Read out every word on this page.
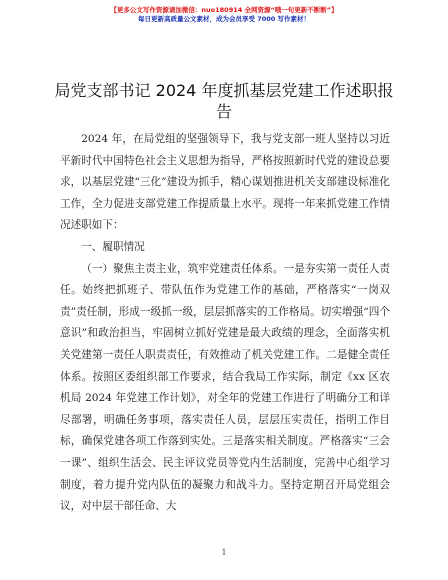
【更多公文写作资源请加微信：nuo180914 全网资源“哦一句更新不断断”】
每日更新高质量公文素材，成为会员享受 7000 写作素材！
局党支部书记 2024 年度抓基层党建工作述职报告

2024 年，在局党组的坚强领导下，我与党支部一班人坚持以习近平新时代中国特色社会主义思想为指导，严格按照新时代党的建设总要求，以基层党建“三化”建设为抓手，精心谋划推进机关支部建设标准化工作，全力促进支部党建工作提质量上水平。现将一年来抓党建工作情况述职如下：

一、履职情况

（一）聚焦主责主业，筑牢党建责任体系。一是夯实第一责任人责任。始终把抓班子、带队伍作为党建工作的基础，严格落实“一岗双责”责任制，形成一级抓一级，层层抓落实的工作格局。切实增强“四个意识”和政治担当，牢固树立抓好党建是最大政绩的理念，全面落实机关党建第一责任人职责责任，有效推动了机关党建工作。二是健全责任体系。按照区委组织部工作要求，结合我局工作实际，制定《xx 区农机局 2024 年党建工作计划》，对全年的党建工作进行了明确分工和详尽部署，明确任务事项，落实责任人员，层层压实责任，指明工作目标，确保党建各项工作落到实处。三是落实相关制度。严格落实“三会一课”、组织生活会、民主评议党员等党内生活制度，完善中心组学习制度，着力提升党内队伍的凝聚力和战斗力。坚持定期召开局党组会议，对中层干部任命、大

1
